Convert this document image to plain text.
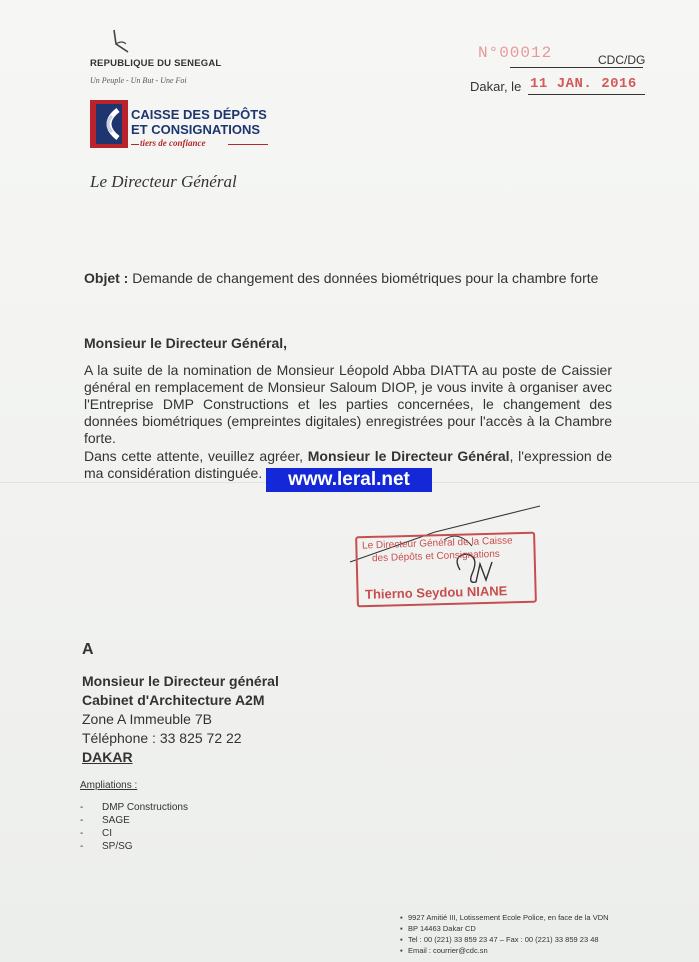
REPUBLIQUE DU SENEGAL
Un Peuple - Un But - Une Foi
CAISSE DES DÉPÔTS
ET CONSIGNATIONS
tiers de confiance
Le Directeur Général
N°00012	CDC/DG
Dakar, le 11 JAN. 2016
Objet : Demande de changement des données biométriques pour la chambre forte
Monsieur le Directeur Général,
A la suite de la nomination de Monsieur Léopold Abba DIATTA au poste de Caissier général en remplacement de Monsieur Saloum DIOP, je vous invite à organiser avec l'Entreprise DMP Constructions et les parties concernées, le changement des données biométriques (empreintes digitales) enregistrées pour l'accès à la Chambre forte.
Dans cette attente, veuillez agréer, Monsieur le Directeur Général, l'expression de ma considération distinguée.	www.leral.net
Le Directeur Général de la Caisse
des Dépôts et Consignations
Thierno Seydou NIANE
A
Monsieur le Directeur général
Cabinet d'Architecture A2M
Zone A Immeuble 7B
Téléphone : 33 825 72 22
DAKAR
Ampliations :
- DMP Constructions
- SAGE
- CI
- SP/SG
▪ 9927 Amitié III, Lotissement Ecole Police, en face de la VDN
▪ BP 14463 Dakar CD
▪ Tel : 00 (221) 33 859 23 47 – Fax : 00 (221) 33 859 23 48
▪ Email : courrier@cdc.sn
